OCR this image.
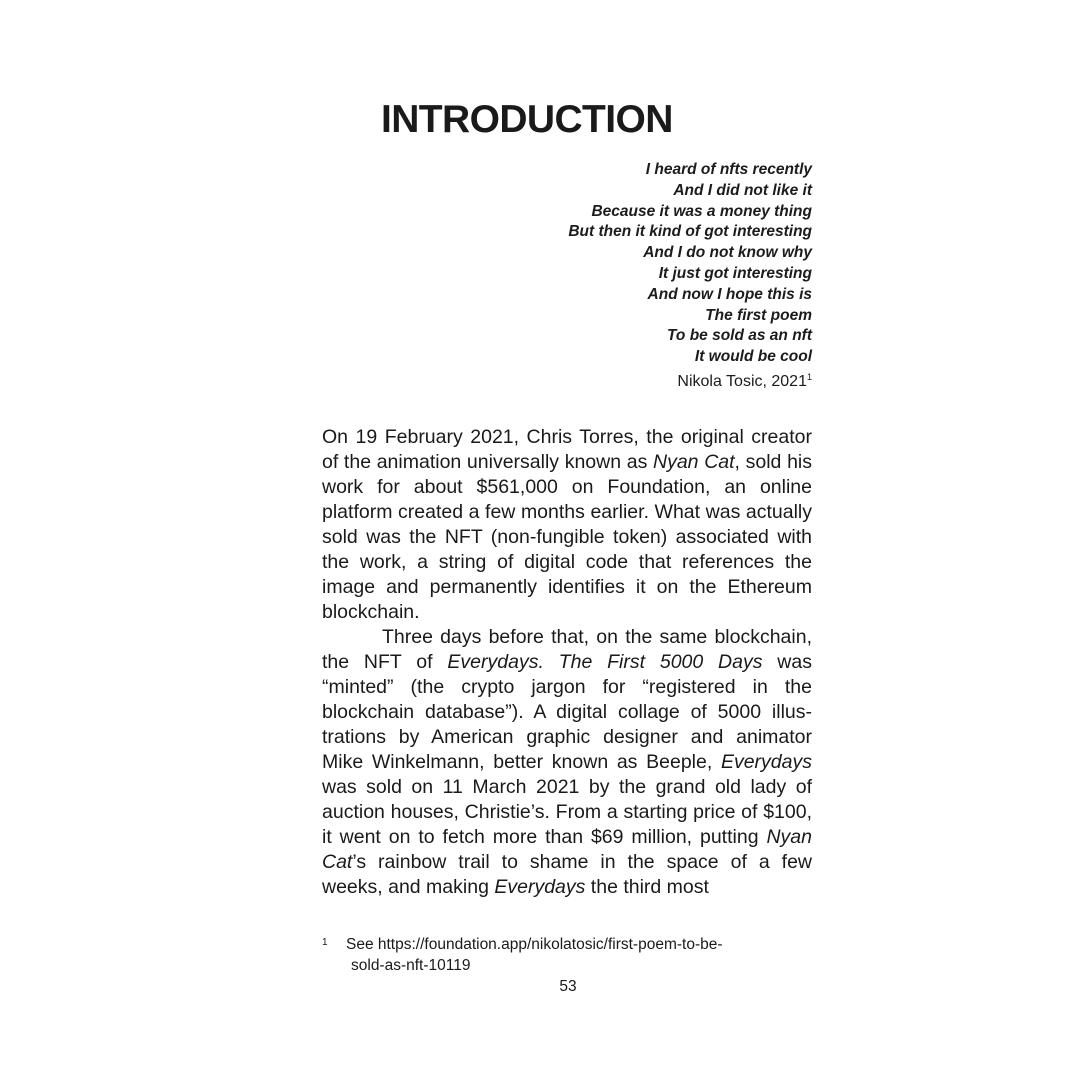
INTRODUCTION
I heard of nfts recently
And I did not like it
Because it was a money thing
But then it kind of got interesting
And I do not know why
It just got interesting
And now I hope this is
The first poem
To be sold as an nft
It would be cool
Nikola Tosic, 2021$^1$

On 19 February 2021, Chris Torres, the original creator of the animation universally known as Nyan Cat, sold his work for about $561,000 on Foundation, an online platform created a few months earlier. What was actually sold was the NFT (non-fungible token) associated with the work, a string of digital code that references the image and permanently identifies it on the Ethereum blockchain.

Three days before that, on the same blockchain, the NFT of Everydays. The First 5000 Days was “minted” (the crypto jargon for “registered in the blockchain database”). A digital collage of 5000 illustrations by American graphic designer and animator Mike Winkelmann, better known as Beeple, Everydays was sold on 11 March 2021 by the grand old lady of auction houses, Christie’s. From a starting price of $100, it went on to fetch more than $69 million, putting Nyan Cat’s rainbow trail to shame in the space of a few weeks, and making Everydays the third most

1	See https://foundation.app/nikolatosic/first-poem-to-be-
sold-as-nft-10119
53
